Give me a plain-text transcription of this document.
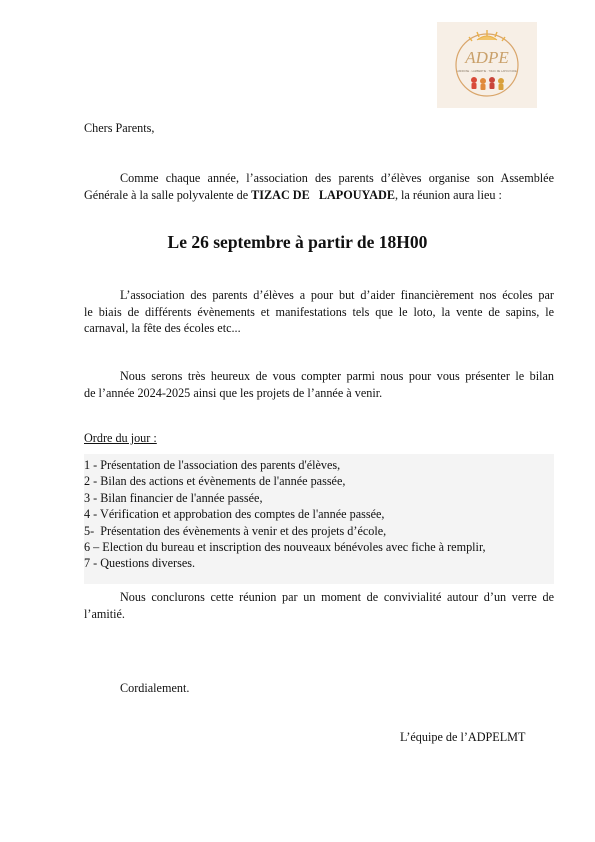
ADPE
AMIROSE · LAMBERTIE · TIZAC DE LAPOUYADE
Chers Parents,
Comme chaque année, l’association des parents d’élèves organise son Assemblée
Générale à la salle polyvalente de TIZAC DE   LAPOUYADE, la réunion aura lieu :
Le 26 septembre à partir de 18H00
L’association des parents d’élèves a pour but d’aider financièrement nos écoles par
le biais de différents évènements et manifestations tels que le loto, la vente de sapins, le
carnaval, la fête des écoles etc...
Nous serons très heureux de vous compter parmi nous pour vous présenter le bilan
de l’année 2024-2025 ainsi que les projets de l’année à venir.
Ordre du jour :
1 - Présentation de l'association des parents d'élèves,
2 - Bilan des actions et évènements de l'année passée,
3 - Bilan financier de l'année passée,
4 - Vérification et approbation des comptes de l'année passée,
5-  Présentation des évènements à venir et des projets d’école,
6 – Election du bureau et inscription des nouveaux bénévoles avec fiche à remplir,
7 - Questions diverses.
Nous conclurons cette réunion par un moment de convivialité autour d’un verre de
l’amitié.
Cordialement.
L’équipe de l’ADPELMT
